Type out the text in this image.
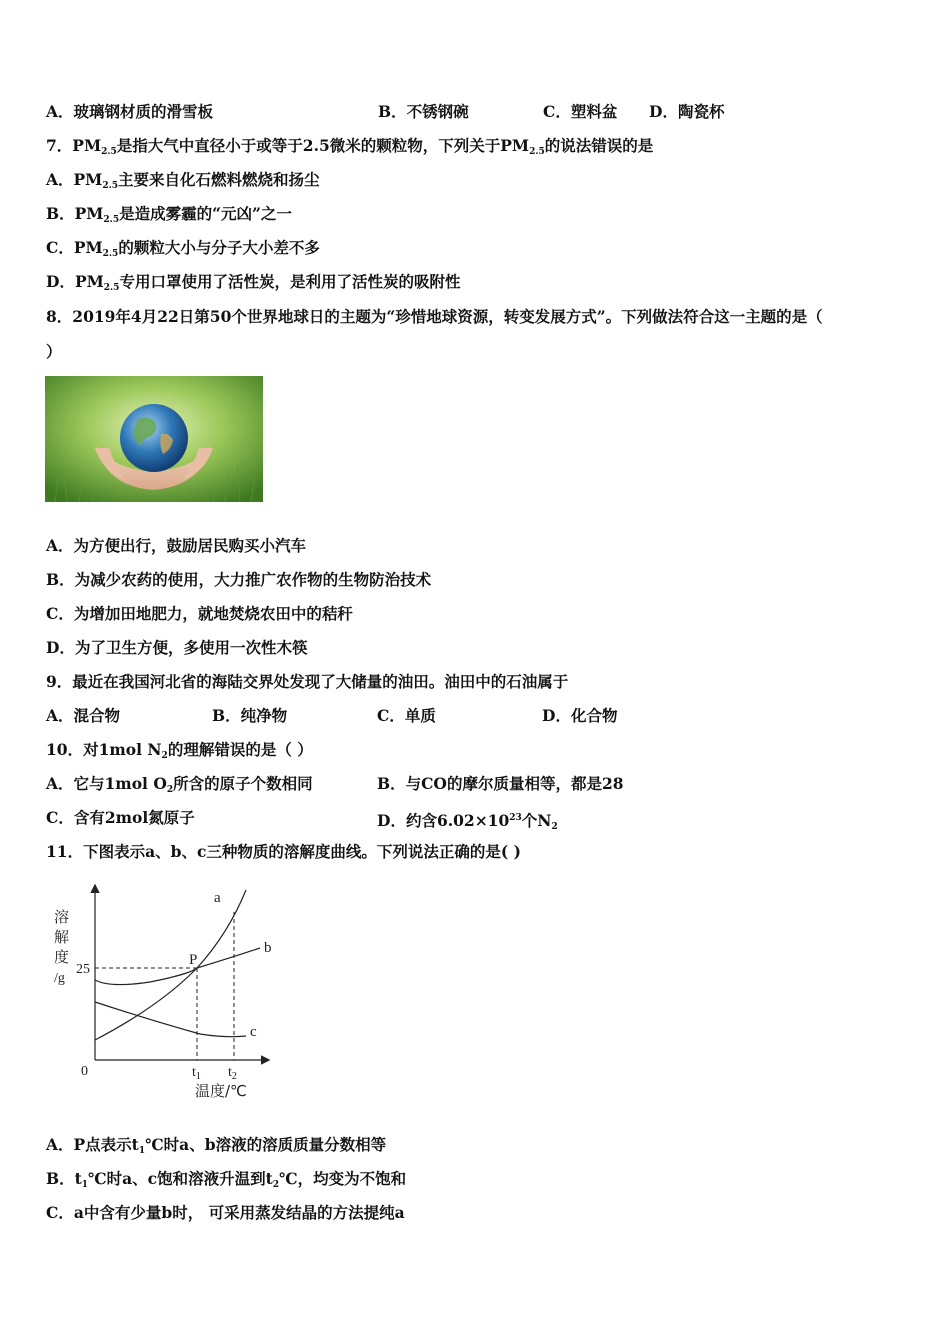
A．玻璃钢材质的滑雪板	B．不锈钢碗	C．塑料盆 D．陶瓷杯
7．$PM_{2.5}$是指大气中直径小于或等于2.5微米的颗粒物，下列关于$PM_{2.5}$的说法错误的是
A．$PM_{2.5}$主要来自化石燃料燃烧和扬尘
B．$PM_{2.5}$是造成雾霾的“元凶”之一
C．$PM_{2.5}$的颗粒大小与分子大小差不多
D．$PM_{2.5}$专用口罩使用了活性炭，是利用了活性炭的吸附性
8．2019年4月22日第50个世界地球日的主题为“珍惜地球资源，转变发展方式”。下列做法符合这一主题的是（
）
A．为方便出行，鼓励居民购买小汽车
B．为减少农药的使用，大力推广农作物的生物防治技术
C．为增加田地肥力，就地焚烧农田中的秸秆
D．为了卫生方便，多使用一次性木筷
9．最近在我国河北省的海陆交界处发现了大储量的油田。油田中的石油属于
A．混合物	B．纯净物	C．单质	D．化合物
10．对1mol $N_2$的理解错误的是（ ）
A．它与1mol $O_2$所含的原子个数相同	B．与CO的摩尔质量相等，都是28
C．含有2mol氮原子	D．约含$6.02\times 10^{23}$个$N_2$
11．下图表示a、b、c三种物质的溶解度曲线。下列说法正确的是( )
溶
解
度
/g
25
a
b
c
P
0	$t_1$ $t_2$
温度/℃
A．P点表示$t_1℃$时a、b溶液的溶质质量分数相等
B．$t_1℃$时a、c饱和溶液升温到$t_2℃$，均变为不饱和
C．a中含有少量b时， 可采用蒸发结晶的方法提纯a
